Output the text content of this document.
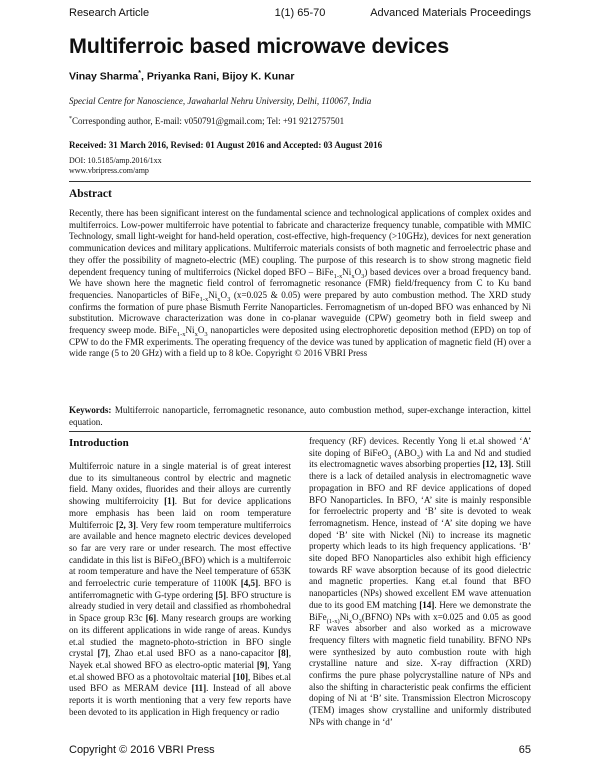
Research Article	1(1) 65-70	Advanced Materials Proceedings
Multiferroic based microwave devices
Vinay Sharma*, Priyanka Rani, Bijoy K. Kunar
Special Centre for Nanoscience, Jawaharlal Nehru University, Delhi, 110067, India
*Corresponding author, E-mail: v050791@gmail.com; Tel: +91 9212757501
Received: 31 March 2016, Revised: 01 August 2016 and Accepted: 03 August 2016
DOI: 10.5185/amp.2016/1xx
www.vbripress.com/amp
Abstract
Recently, there has been significant interest on the fundamental science and technological applications of complex oxides and multiferroics. Low-power multiferroic have potential to fabricate and characterize frequency tunable, compatible with MMIC Technology, small light-weight for hand-held operation, cost-effective, high-frequency (>10GHz), devices for next generation communication devices and military applications. Multiferroic materials consists of both magnetic and ferroelectric phase and they offer the possibility of magneto-electric (ME) coupling. The purpose of this research is to show strong magnetic field dependent frequency tuning of multiferroics (Nickel doped BFO – $BiFe_{1-x}Ni_xO_3$) based devices over a broad frequency band. We have shown here the magnetic field control of ferromagnetic resonance (FMR) field/frequency from C to Ku band frequencies. Nanoparticles of $BiFe_{1-x}Ni_xO_3$ (x=0.025 & 0.05) were prepared by auto combustion method. The XRD study confirms the formation of pure phase Bismuth Ferrite Nanoparticles. Ferromagnetism of un-doped BFO was enhanced by Ni substitution. Microwave characterization was done in co-planar waveguide (CPW) geometry both in field sweep and frequency sweep mode. $BiFe_{1-x}Ni_xO_3$ nanoparticles were deposited using electrophoretic deposition method (EPD) on top of CPW to do the FMR experiments. The operating frequency of the device was tuned by application of magnetic field (H) over a wide range (5 to 20 GHz) with a field up to 8 kOe. Copyright © 2016 VBRI Press
Keywords: Multiferroic nanoparticle, ferromagnetic resonance, auto combustion method, super-exchange interaction, kittel equation.
Introduction

Multiferroic nature in a single material is of great interest due to its simultaneous control by electric and magnetic field. Many oxides, fluorides and their alloys are currently showing multiferroicity [1]. But for device applications more emphasis has been laid on room temperature Multiferroic [2, 3]. Very few room temperature multiferroics are available and hence magneto electric devices developed so far are very rare or under research. The most effective candidate in this list is BiFeO$_3$(BFO) which is a multiferroic at room temperature and have the Neel temperature of 653K and ferroelectric curie temperature of 1100K [4,5]. BFO is antiferromagnetic with G-type ordering [5]. BFO structure is already studied in very detail and classified as rhombohedral in Space group R3c [6]. Many research groups are working on its different applications in wide range of areas. Kundys et.al studied the magneto-photo-striction in BFO single crystal [7], Zhao et.al used BFO as a nano-capacitor [8], Nayek et.al showed BFO as electro-optic material [9], Yang et.al showed BFO as a photovoltaic material [10], Bibes et.al used BFO as MERAM device [11]. Instead of all above reports it is worth mentioning that a very few reports have been devoted to its application in High frequency or radio

frequency (RF) devices. Recently Yong li et.al showed ‘A’ site doping of BiFeO$_3$ $(ABO_3)$ with La and Nd and studied its electromagnetic waves absorbing properties [12, 13]. Still there is a lack of detailed analysis in electromagnetic wave propagation in BFO and RF device applications of doped BFO Nanoparticles. In BFO, ‘A’ site is mainly responsible for ferroelectric property and ‘B’ site is devoted to weak ferromagnetism. Hence, instead of ‘A’ site doping we have doped ‘B’ site with Nickel (Ni) to increase its magnetic property which leads to its high frequency applications. ‘B’ site doped BFO Nanoparticles also exhibit high efficiency towards RF wave absorption because of its good dielectric and magnetic properties. Kang et.al found that BFO nanoparticles (NPs) showed excellent EM wave attenuation due to its good EM matching [14]. Here we demonstrate the $BiFe_{(1-x)}Ni_xO_3(BFNO)$ NPs with x=0.025 and 0.05 as good RF waves absorber and also worked as a microwave frequency filters with magnetic field tunability. BFNO NPs were synthesized by auto combustion route with high crystalline nature and size. X-ray diffraction (XRD) confirms the pure phase polycrystalline nature of NPs and also the shifting in characteristic peak confirms the efficient doping of Ni at ‘B’ site. Transmission Electron Microscopy (TEM) images show crystalline and uniformly distributed NPs with change in ‘d’

Copyright © 2016 VBRI Press	65
